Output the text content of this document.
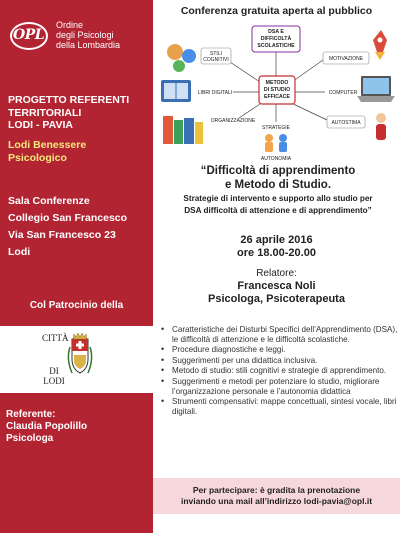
OPL
Ordine
degli Psicologi
della Lombardia
PROGETTO REFERENTI
TERRITORIALI
LODI - PAVIA
Lodi Benessere
Psicologico
Sala Conferenze
Collegio San Francesco
Via San Francesco 23
Lodi
Col Patrocinio della
CITTÀ
DI LODI
Referente:
Claudia Popolillo
Psicologa
Conferenza gratuita aperta al pubblico
DSA E
DIFFICOLTÀ
SCOLASTICHE
METODO
DI STUDIO
EFFICACE
STILI
COGNITIVI	MOTIVAZIONE
LIBRI DIGITALI	COMPUTER
ORGANIZZAZIONE
STRATEGIE
AUTOSTIMA
AUTONOMIA
“Difficoltà di apprendimento
e Metodo di Studio.
Strategie di intervento e supporto allo studio per
DSA difficoltà di attenzione e di apprendimento”
26 aprile 2016
ore 18.00-20.00
Relatore:
Francesca Noli
Psicologa, Psicoterapeuta
• Caratteristiche dei Disturbi Specifici dell’Apprendimento (DSA), le difficoltà di attenzione e le difficoltà scolastiche.
• Procedure diagnostiche e leggi.
• Suggerimenti per una didattica inclusiva.
• Metodo di studio: stili cognitivi e strategie di apprendimento.
• Suggerimenti e metodi per potenziare lo studio, migliorare l’organizzazione personale e l’autonomia didattica
• Strumenti compensativi: mappe concettuali, sintesi vocale, libri digitali.
Per partecipare: è gradita la prenotazione
inviando una mail all’indirizzo lodi-pavia@opl.it
